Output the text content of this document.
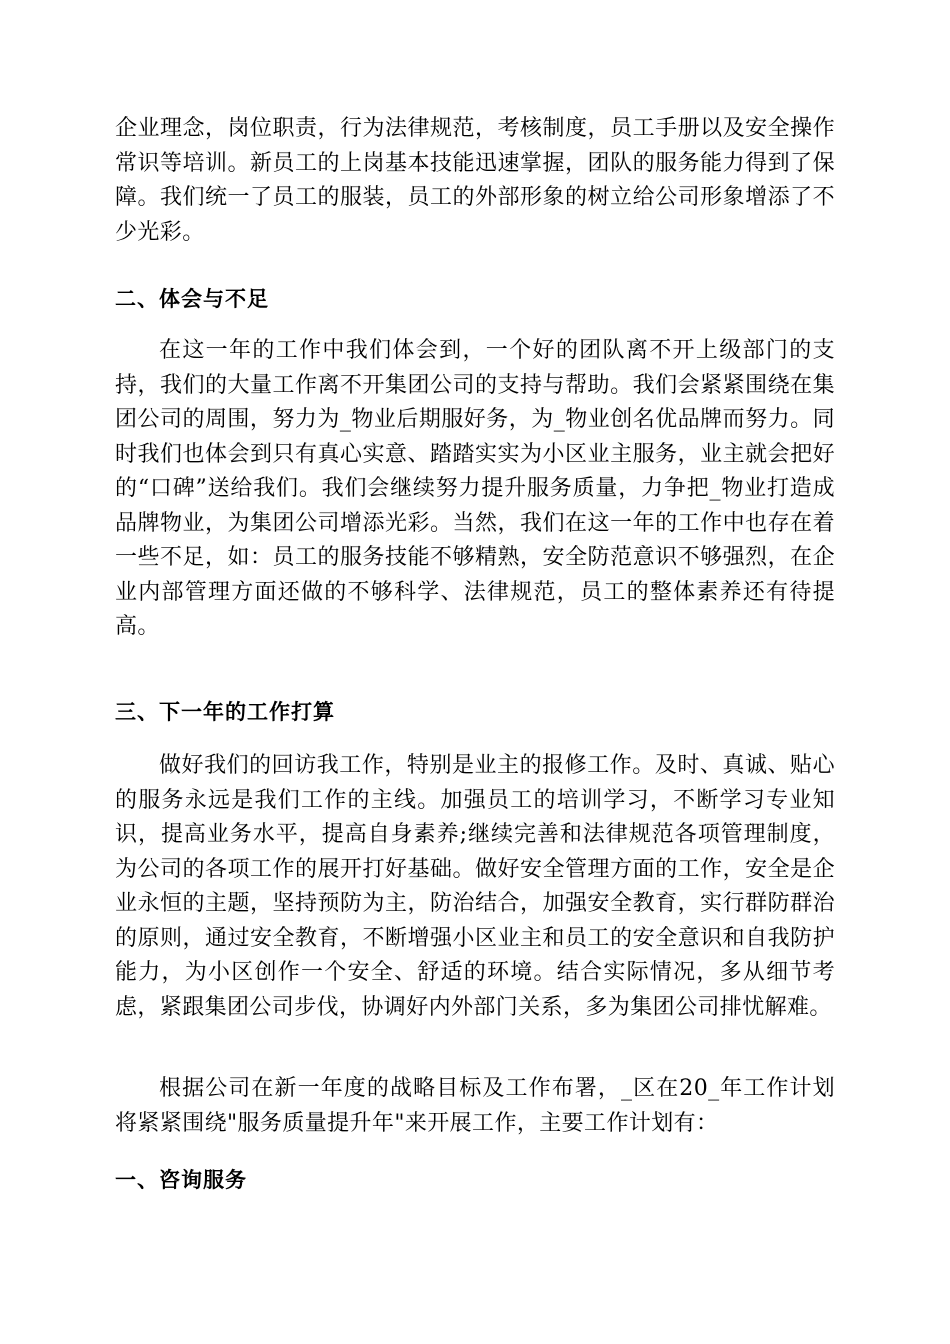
企业理念，岗位职责，行为法律规范，考核制度，员工手册以及安全操作常识等培训。新员工的上岗基本技能迅速掌握，团队的服务能力得到了保障。我们统一了员工的服装，员工的外部形象的树立给公司形象增添了不少光彩。

二、体会与不足

在这一年的工作中我们体会到，一个好的团队离不开上级部门的支持，我们的大量工作离不开集团公司的支持与帮助。我们会紧紧围绕在集团公司的周围，努力为_物业后期服好务，为_物业创名优品牌而努力。同时我们也体会到只有真心实意、踏踏实实为小区业主服务，业主就会把好的“口碑”送给我们。我们会继续努力提升服务质量，力争把_物业打造成品牌物业，为集团公司增添光彩。当然，我们在这一年的工作中也存在着一些不足，如：员工的服务技能不够精熟，安全防范意识不够强烈，在企业内部管理方面还做的不够科学、法律规范，员工的整体素养还有待提高。

三、下一年的工作打算

做好我们的回访我工作，特别是业主的报修工作。及时、真诚、贴心的服务永远是我们工作的主线。加强员工的培训学习，不断学习专业知识，提高业务水平，提高自身素养;继续完善和法律规范各项管理制度，为公司的各项工作的展开打好基础。做好安全管理方面的工作，安全是企业永恒的主题，坚持预防为主，防治结合，加强安全教育，实行群防群治的原则，通过安全教育，不断增强小区业主和员工的安全意识和自我防护能力，为小区创作一个安全、舒适的环境。结合实际情况，多从细节考虑，紧跟集团公司步伐，协调好内外部门关系，多为集团公司排忧解难。

根据公司在新一年度的战略目标及工作布署，_区在20_年工作计划将紧紧围绕"服务质量提升年"来开展工作，主要工作计划有：

一、咨询服务
